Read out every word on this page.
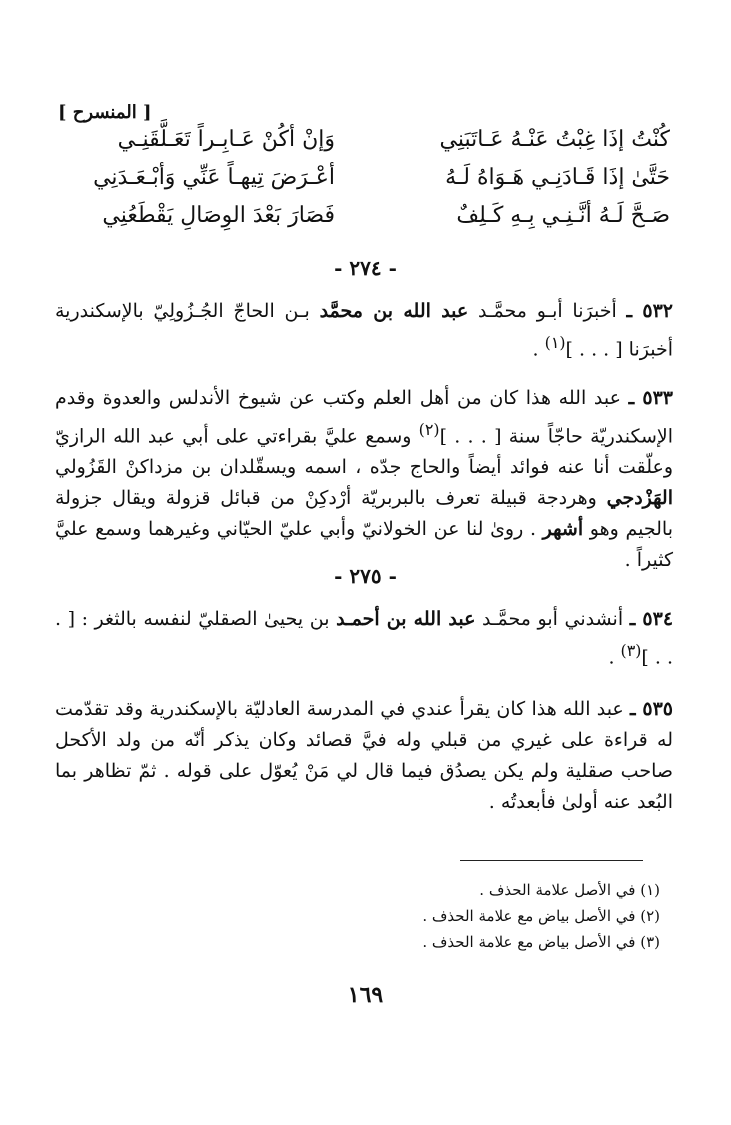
[ المنسرح ]
كُنْتُ إذَا غِبْتُ عَنْـهُ عَـاتَبَنِي
وَإنْ أكُنْ عَـابِـراً تَعَـلَّقَنِـي
حَتَّىٰ إذَا قَـادَنِـي هَـوَاهُ لَـهُ
أعْـرَضَ تِيهـاً عَنِّي وَأبْـعَـدَنِي
صَـحَّ لَـهُ أنَّـنِـي بِـهِ كَـلِفٌ
فَصَارَ بَعْدَ الوِصَالِ يَقْطَعُنِي
- ٢٧٤ -
٥٣٢ ـ أخبرَنا أبـو محمَّـد عبد الله بن محمَّد بـن الحاجّ الجُـزُولِيّ بالإسكندرية أخبرَنا [ . . . ]$^{(١)}$ .
٥٣٣ ـ عبد الله هذا كان من أهل العلم وكتب عن شيوخ الأندلس والعدوة وقدم الإسكندريّة حاجّاً سنة [ . . . ]$^{(٢)}$ وسمع عليَّ بقراءتي على أبي عبد الله الرازيّ وعلّقت أنا عنه فوائد أيضاً والحاج جدّه ، اسمه ويسقّلدان بن مزداكنْ القَزُولي الهَزْدجي وهردجة قبيلة تعرف بالبربريّة أرْدكِنْ من قبائل قزولة ويقال جزولة بالجيم وهو أشهر . روىٰ لنا عن الخولانيّ وأبي عليّ الحيّاني وغيرهما وسمع عليَّ كثيراً .
- ٢٧٥ -
٥٣٤ ـ أنشدني أبو محمَّـد عبد الله بن أحمـد بن يحيىٰ الصقليّ لنفسه بالثغر : [ . . . ]$^{(٣)}$ .
٥٣٥ ـ عبد الله هذا كان يقرأ عندي في المدرسة العادليّة بالإسكندرية وقد تقدّمت له قراءة على غيري من قبلي وله فيَّ قصائد وكان يذكر أنّه من ولد الأكحل صاحب صقلية ولم يكن يصدُق فيما قال لي مَنْ يُعوّل على قوله . ثمّ تظاهر بما البُعد عنه أولىٰ فأبعدتُه .
(١) في الأصل علامة الحذف .
(٢) في الأصل بياض مع علامة الحذف .
(٣) في الأصل بياض مع علامة الحذف .
١٦٩
